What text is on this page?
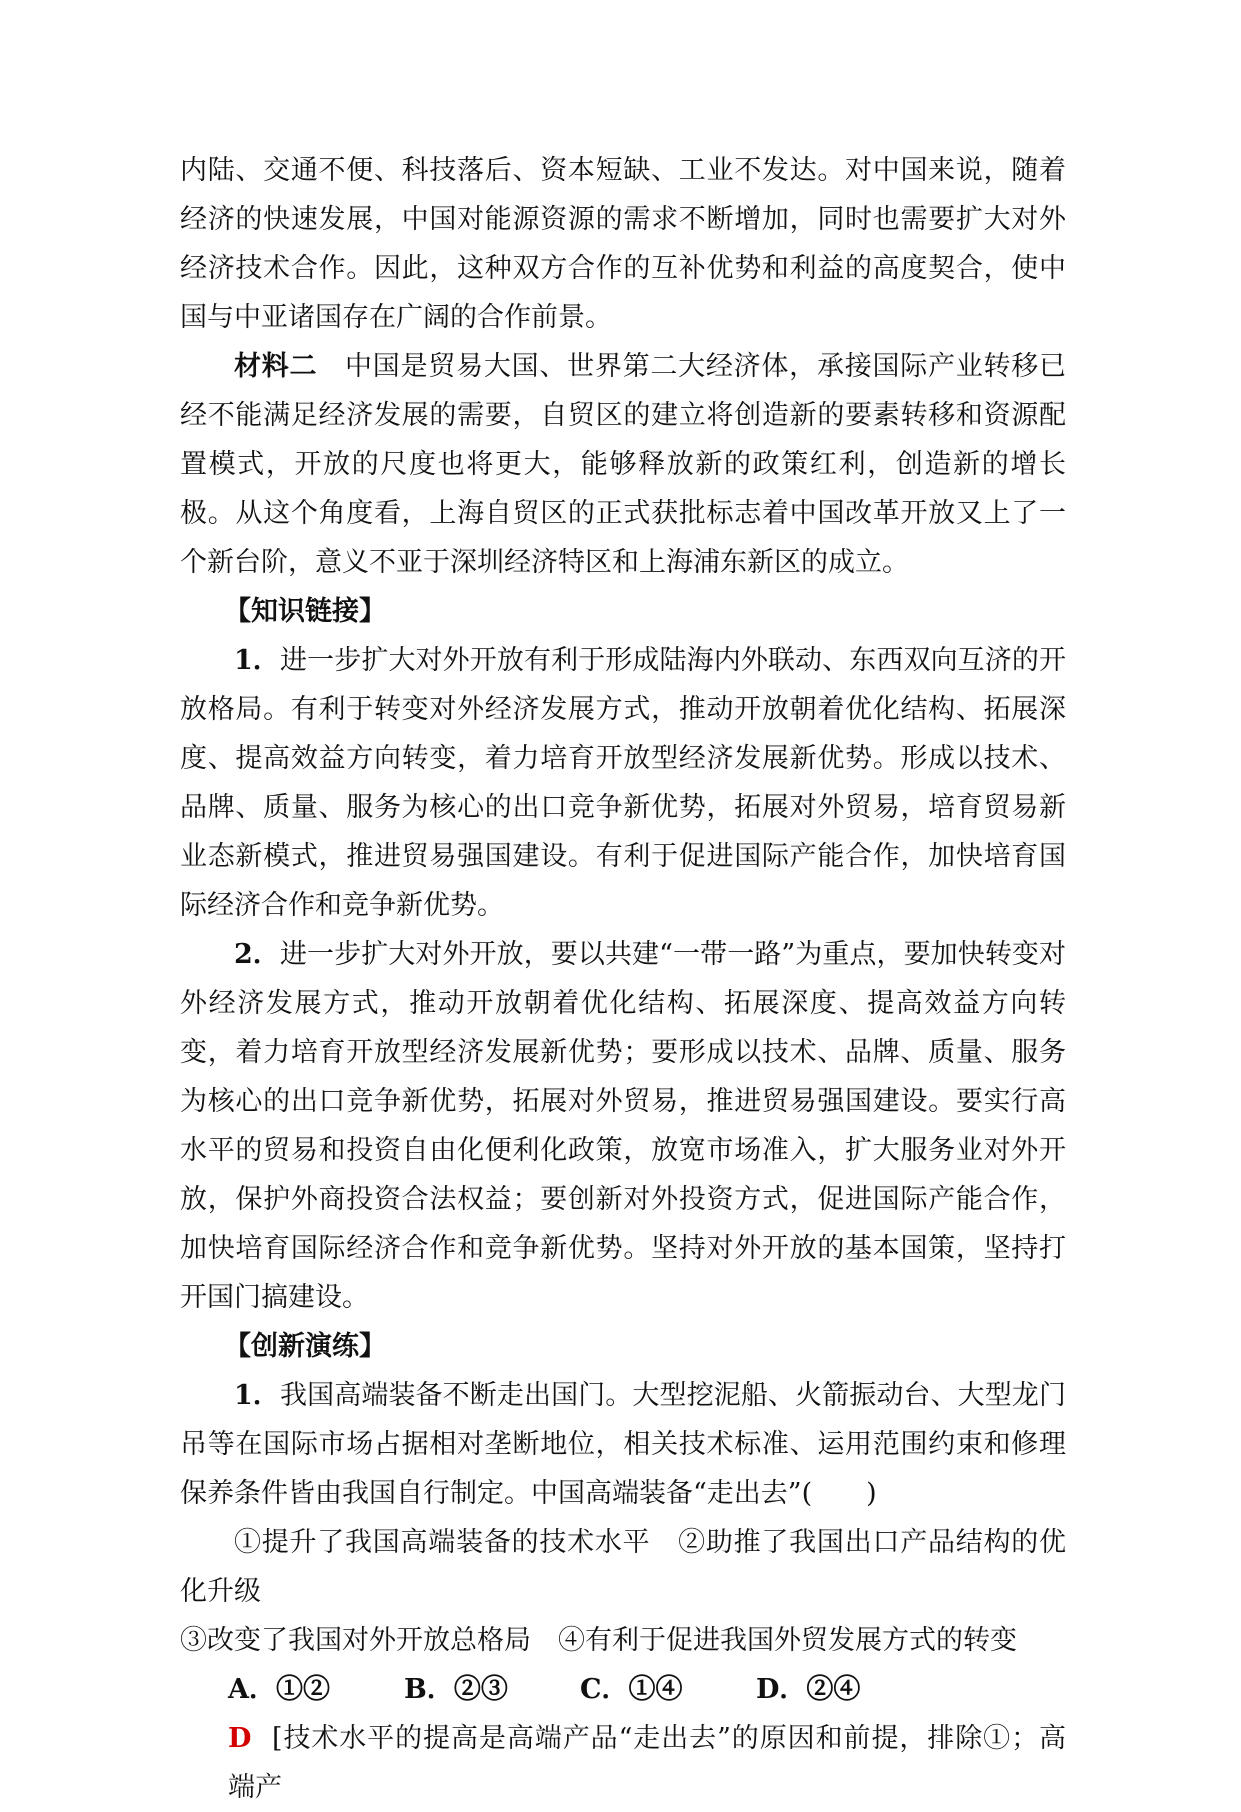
内陆、交通不便、科技落后、资本短缺、工业不发达。对中国来说，随着经济的快速发展，中国对能源资源的需求不断增加，同时也需要扩大对外经济技术合作。因此，这种双方合作的互补优势和利益的高度契合，使中国与中亚诸国存在广阔的合作前景。

材料二　 中国是贸易大国、世界第二大经济体，承接国际产业转移已经不能满足经济发展的需要，自贸区的建立将创造新的要素转移和资源配置模式，开放的尺度也将更大，能够释放新的政策红利，创造新的增长极。从这个角度看，上海自贸区的正式获批标志着中国改革开放又上了一个新台阶，意义不亚于深圳经济特区和上海浦东新区的成立。

【知识链接】

1．进一步扩大对外开放有利于形成陆海内外联动、东西双向互济的开放格局。有利于转变对外经济发展方式，推动开放朝着优化结构、拓展深度、提高效益方向转变，着力培育开放型经济发展新优势。形成以技术、品牌、质量、服务为核心的出口竞争新优势，拓展对外贸易，培育贸易新业态新模式，推进贸易强国建设。有利于促进国际产能合作，加快培育国际经济合作和竞争新优势。

2．进一步扩大对外开放，要以共建“一带一路”为重点，要加快转变对外经济发展方式，推动开放朝着优化结构、拓展深度、提高效益方向转变，着力培育开放型经济发展新优势；要形成以技术、品牌、质量、服务为核心的出口竞争新优势，拓展对外贸易，推进贸易强国建设。要实行高水平的贸易和投资自由化便利化政策，放宽市场准入，扩大服务业对外开放，保护外商投资合法权益；要创新对外投资方式，促进国际产能合作，加快培育国际经济合作和竞争新优势。坚持对外开放的基本国策，坚持打开国门搞建设。

【创新演练】

1．我国高端装备不断走出国门。大型挖泥船、火箭振动台、大型龙门吊等在国际市场占据相对垄断地位，相关技术标准、运用范围约束和修理保养条件皆由我国自行制定。中国高端装备“走出去”(　　)

①提升了我国高端装备的技术水平　②助推了我国出口产品结构的优化升级

③改变了我国对外开放总格局　④有利于促进我国外贸发展方式的转变

A．①②	B．②③	C．①④	D．②④

D [技术水平的提高是高端产品“走出去”的原因和前提，排除①；高端产
